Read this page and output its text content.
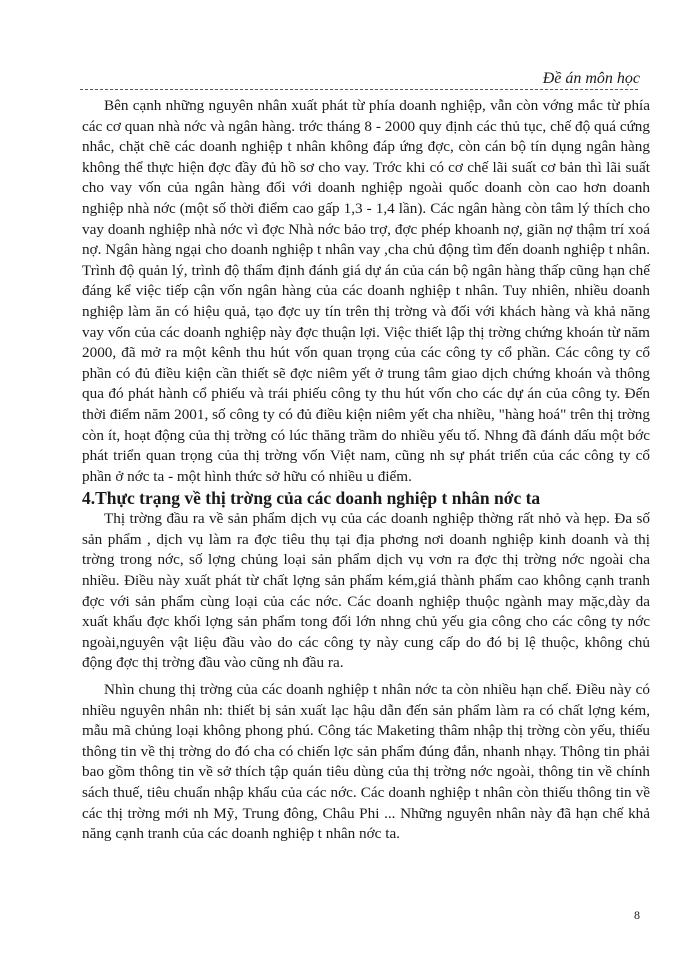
Đề án môn học

Bên cạnh những nguyên nhân xuất phát từ phía doanh nghiệp, vẫn còn vớng mắc từ phía các cơ quan nhà nớc và ngân hàng. trớc tháng 8 - 2000 quy định các thủ tục, chế độ quá cứng nhắc, chặt chẽ các doanh nghiệp t nhân không đáp ứng đợc, còn cán bộ tín dụng ngân hàng không thể thực hiện đợc đầy đủ hồ sơ cho vay. Trớc khi có cơ chế lãi suất cơ bản thì lãi suất cho vay vốn của ngân hàng đối với doanh nghiệp ngoài quốc doanh còn cao hơn doanh nghiệp nhà nớc (một số thời điểm cao gấp 1,3 - 1,4 lần). Các ngân hàng còn tâm lý thích cho vay doanh nghiệp nhà nớc vì đợc Nhà nớc bảo trợ, đợc phép khoanh nợ, giãn nợ thậm trí xoá nợ. Ngân hàng ngại cho doanh nghiệp t nhân vay ,cha chủ động tìm đến doanh nghiệp t nhân. Trình độ quản lý, trình độ thẩm định đánh giá dự án của cán bộ ngân hàng thấp cũng hạn chế đáng kể việc tiếp cận vốn ngân hàng của các doanh nghiệp t nhân. Tuy nhiên, nhiều doanh nghiệp làm ăn có hiệu quả, tạo đợc uy tín trên thị trờng và đối với khách hàng và khả năng vay vốn của các doanh nghiệp này đợc thuận lợi. Việc thiết lập thị trờng chứng khoán từ năm 2000, đã mở ra một kênh thu hút vốn quan trọng của các công ty cổ phần. Các công ty cổ phần có đủ điều kiện cần thiết sẽ đợc niêm yết ở trung tâm giao dịch chứng khoán và thông qua đó phát hành cổ phiếu và trái phiếu công ty thu hút vốn cho các dự án của công ty. Đến thời điểm năm 2001, số công ty có đủ điều kiện niêm yết cha nhiều, "hàng hoá" trên thị trờng còn ít, hoạt động của thị trờng có lúc thăng trầm do nhiều yếu tố. Nhng đã đánh dấu một bớc phát triển quan trọng của thị trờng vốn Việt nam, cũng nh sự phát triển của các công ty cổ phần ở nớc ta - một hình thức sở hữu có nhiều u điểm.

4.Thực trạng về thị trờng của các doanh nghiệp t nhân nớc ta

Thị trờng đầu ra về sản phẩm dịch vụ của các doanh nghiệp thờng rất nhỏ và hẹp. Đa số sản phẩm , dịch vụ làm ra đợc tiêu thụ tại địa phơng nơi doanh nghiệp kinh doanh và thị trờng trong nớc, số lợng chủng loại sản phẩm dịch vụ vơn ra đợc thị trờng nớc ngoài cha nhiều. Điều này xuất phát từ chất lợng sản phẩm kém,giá thành phẩm cao không cạnh tranh đợc với sản phẩm cùng loại của các nớc. Các doanh nghiệp thuộc ngành may mặc,dày da xuất khẩu đợc khối lợng sản phẩm tong đối lớn nhng chủ yếu gia công cho các công ty nớc ngoài,nguyên vật liệu đầu vào do các công ty này cung cấp do đó bị lệ thuộc, không chủ động đợc thị trờng đầu vào cũng nh đầu ra.

Nhìn chung thị trờng của các doanh nghiệp t nhân nớc ta còn nhiều hạn chế. Điều này có nhiều nguyên nhân nh: thiết bị sản xuất lạc hậu dẫn đến sản phẩm làm ra có chất lợng kém, mẫu mã chủng loại không phong phú. Công tác Maketing thâm nhập thị trờng còn yếu, thiếu thông tin về thị trờng do đó cha có chiến lợc sản phẩm đúng đắn, nhanh nhạy. Thông tin phải bao gồm thông tin về sở thích tập quán tiêu dùng của thị trờng nớc ngoài, thông tin về chính sách thuế, tiêu chuẩn nhập khẩu của các nớc. Các doanh nghiệp t nhân còn thiếu thông tin về các thị trờng mới nh Mỹ, Trung đông, Châu Phi ... Những nguyên nhân này đã hạn chế khả năng cạnh tranh của các doanh nghiệp t nhân nớc ta.

8
